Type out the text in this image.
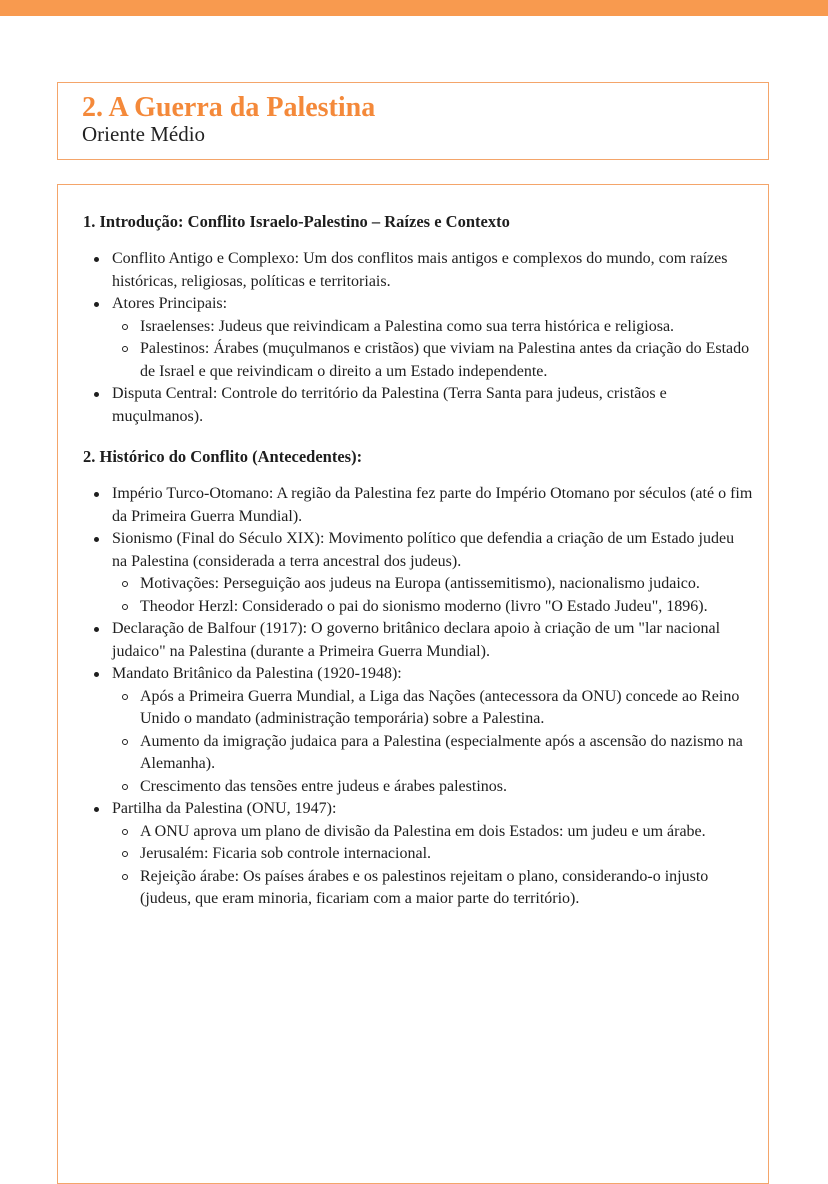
2. A Guerra da Palestina

Oriente Médio

1. Introdução: Conflito Israelo-Palestino – Raízes e Contexto
Conflito Antigo e Complexo: Um dos conflitos mais antigos e complexos do mundo, com raízes históricas, religiosas, políticas e territoriais.
Atores Principais:
Israelenses: Judeus que reivindicam a Palestina como sua terra histórica e religiosa.
Palestinos: Árabes (muçulmanos e cristãos) que viviam na Palestina antes da criação do Estado de Israel e que reivindicam o direito a um Estado independente.
Disputa Central: Controle do território da Palestina (Terra Santa para judeus, cristãos e muçulmanos).
2. Histórico do Conflito (Antecedentes):
Império Turco-Otomano: A região da Palestina fez parte do Império Otomano por séculos (até o fim da Primeira Guerra Mundial).
Sionismo (Final do Século XIX): Movimento político que defendia a criação de um Estado judeu na Palestina (considerada a terra ancestral dos judeus).
Motivações: Perseguição aos judeus na Europa (antissemitismo), nacionalismo judaico.
Theodor Herzl: Considerado o pai do sionismo moderno (livro "O Estado Judeu", 1896).
Declaração de Balfour (1917): O governo britânico declara apoio à criação de um "lar nacional judaico" na Palestina (durante a Primeira Guerra Mundial).
Mandato Britânico da Palestina (1920-1948):
Após a Primeira Guerra Mundial, a Liga das Nações (antecessora da ONU) concede ao Reino Unido o mandato (administração temporária) sobre a Palestina.
Aumento da imigração judaica para a Palestina (especialmente após a ascensão do nazismo na Alemanha).
Crescimento das tensões entre judeus e árabes palestinos.
Partilha da Palestina (ONU, 1947):
A ONU aprova um plano de divisão da Palestina em dois Estados: um judeu e um árabe.
Jerusalém: Ficaria sob controle internacional.
Rejeição árabe: Os países árabes e os palestinos rejeitam o plano, considerando-o injusto (judeus, que eram minoria, ficariam com a maior parte do território).
